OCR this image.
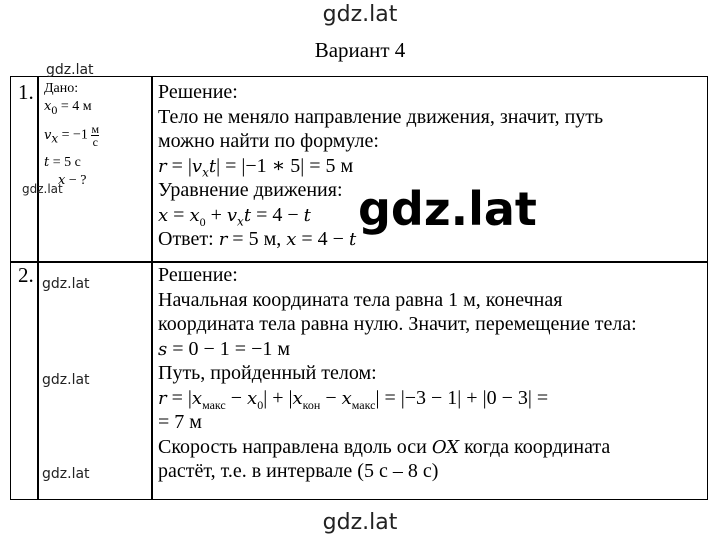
gdz.lat
Вариант 4
1. Дано:
$x_0 = 4$ м
$v_x = -1$ м
с
t = 5 с
x − ?
Решение:
Тело не меняло направление движения, значит, путь
можно найти по формуле:
$r = |v_xt| = |-1$ ∗ 5| = 5 м
Уравнение движения:
$x = x_0 + v_xt = 4 - t$
Ответ: r = 5 м, x = 4 − t
2.	Решение:
Начальная координата тела равна 1 м, конечная
координата тела равна нулю. Значит, перемещение тела:
s = 0 − 1 = −1 м
Путь, пройденный телом:
$r = |x_{макс} - x_0| + |x_{кон} - x_{макс}| = |-3 - 1| + |0 - 3|$ =
= 7 м
Скорость направлена вдоль оси OX когда координата
растёт, т.е. в интервале (5 с – 8 с)
gdz.lat
gdz.lat
gdz.lat
gdz.lat
gdz.lat
gdz.lat
gdz.lat
